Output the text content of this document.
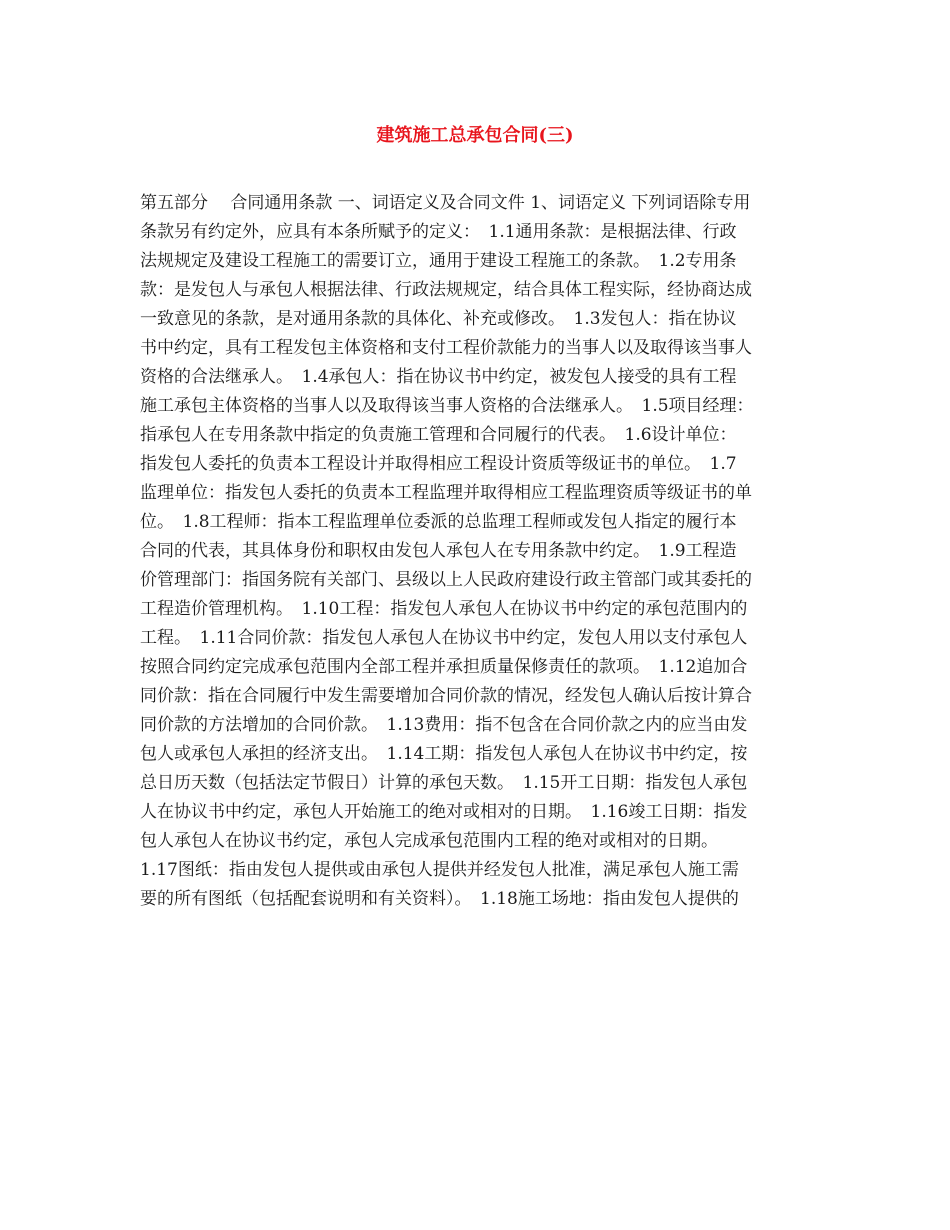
建筑施工总承包合同(三)
第五部分　 合同通用条款 一、词语定义及合同文件 1、词语定义 下列词语除专用
条款另有约定外，应具有本条所赋予的定义：　1.1通用条款：是根据法律、行政
法规规定及建设工程施工的需要订立，通用于建设工程施工的条款。　1.2专用条
款：是发包人与承包人根据法律、行政法规规定，结合具体工程实际，经协商达成
一致意见的条款，是对通用条款的具体化、补充或修改。　1.3发包人：指在协议
书中约定，具有工程发包主体资格和支付工程价款能力的当事人以及取得该当事人
资格的合法继承人。　1.4承包人：指在协议书中约定，被发包人接受的具有工程
施工承包主体资格的当事人以及取得该当事人资格的合法继承人。　1.5项目经理：
指承包人在专用条款中指定的负责施工管理和合同履行的代表。　1.6设计单位：
指发包人委托的负责本工程设计并取得相应工程设计资质等级证书的单位。　1.7
监理单位：指发包人委托的负责本工程监理并取得相应工程监理资质等级证书的单
位。　1.8工程师：指本工程监理单位委派的总监理工程师或发包人指定的履行本
合同的代表，其具体身份和职权由发包人承包人在专用条款中约定。　1.9工程造
价管理部门：指国务院有关部门、县级以上人民政府建设行政主管部门或其委托的
工程造价管理机构。　1.10工程：指发包人承包人在协议书中约定的承包范围内的
工程。　1.11合同价款：指发包人承包人在协议书中约定，发包人用以支付承包人
按照合同约定完成承包范围内全部工程并承担质量保修责任的款项。　1.12追加合
同价款：指在合同履行中发生需要增加合同价款的情况，经发包人确认后按计算合
同价款的方法增加的合同价款。　1.13费用：指不包含在合同价款之内的应当由发
包人或承包人承担的经济支出。　1.14工期：指发包人承包人在协议书中约定，按
总日历天数（包括法定节假日）计算的承包天数。　1.15开工日期：指发包人承包
人在协议书中约定，承包人开始施工的绝对或相对的日期。　1.16竣工日期：指发
包人承包人在协议书约定，承包人完成承包范围内工程的绝对或相对的日期。
1.17图纸：指由发包人提供或由承包人提供并经发包人批准，满足承包人施工需
要的所有图纸（包括配套说明和有关资料）。　1.18施工场地：指由发包人提供的
